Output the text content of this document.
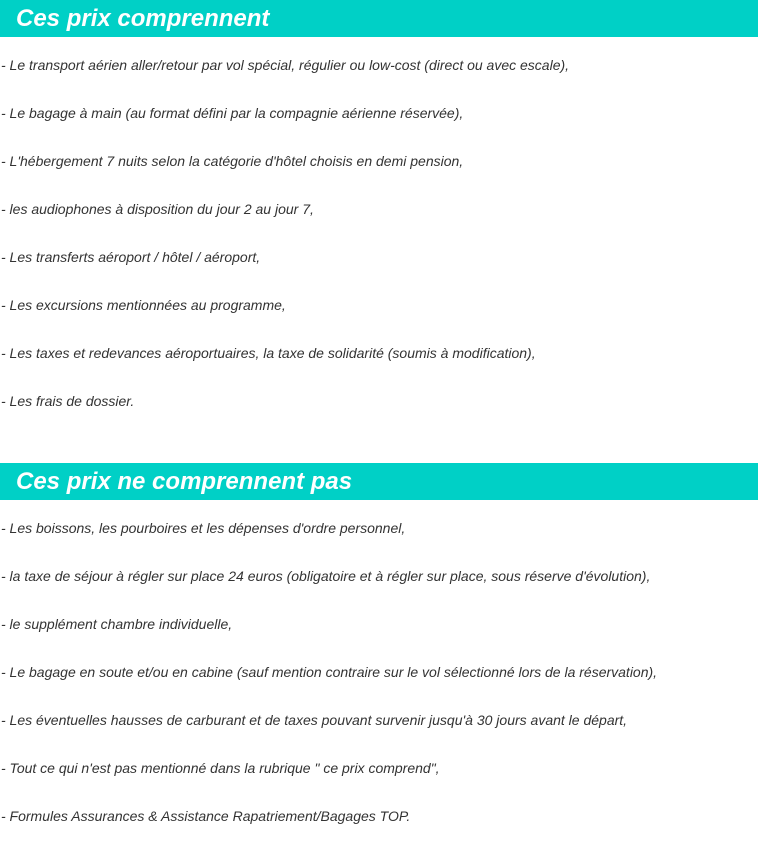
Ces prix comprennent
- Le transport aérien aller/retour par vol spécial, régulier ou low-cost (direct ou avec escale),
- Le bagage à main (au format défini par la compagnie aérienne réservée),
- L'hébergement 7 nuits selon la catégorie d'hôtel choisis en demi pension,
- les audiophones à disposition du jour 2 au jour 7,
- Les transferts aéroport / hôtel / aéroport,
- Les excursions mentionnées au programme,
- Les taxes et redevances aéroportuaires, la taxe de solidarité (soumis à modification),
- Les frais de dossier.
Ces prix ne comprennent pas
- Les boissons, les pourboires et les dépenses d'ordre personnel,
- la taxe de séjour à régler sur place 24 euros (obligatoire et à régler sur place, sous réserve d'évolution),
- le supplément chambre individuelle,
- Le bagage en soute et/ou en cabine (sauf mention contraire sur le vol sélectionné lors de la réservation),
- Les éventuelles hausses de carburant et de taxes pouvant survenir jusqu'à 30 jours avant le départ,
- Tout ce qui n'est pas mentionné dans la rubrique " ce prix comprend",
- Formules Assurances & Assistance Rapatriement/Bagages TOP.
